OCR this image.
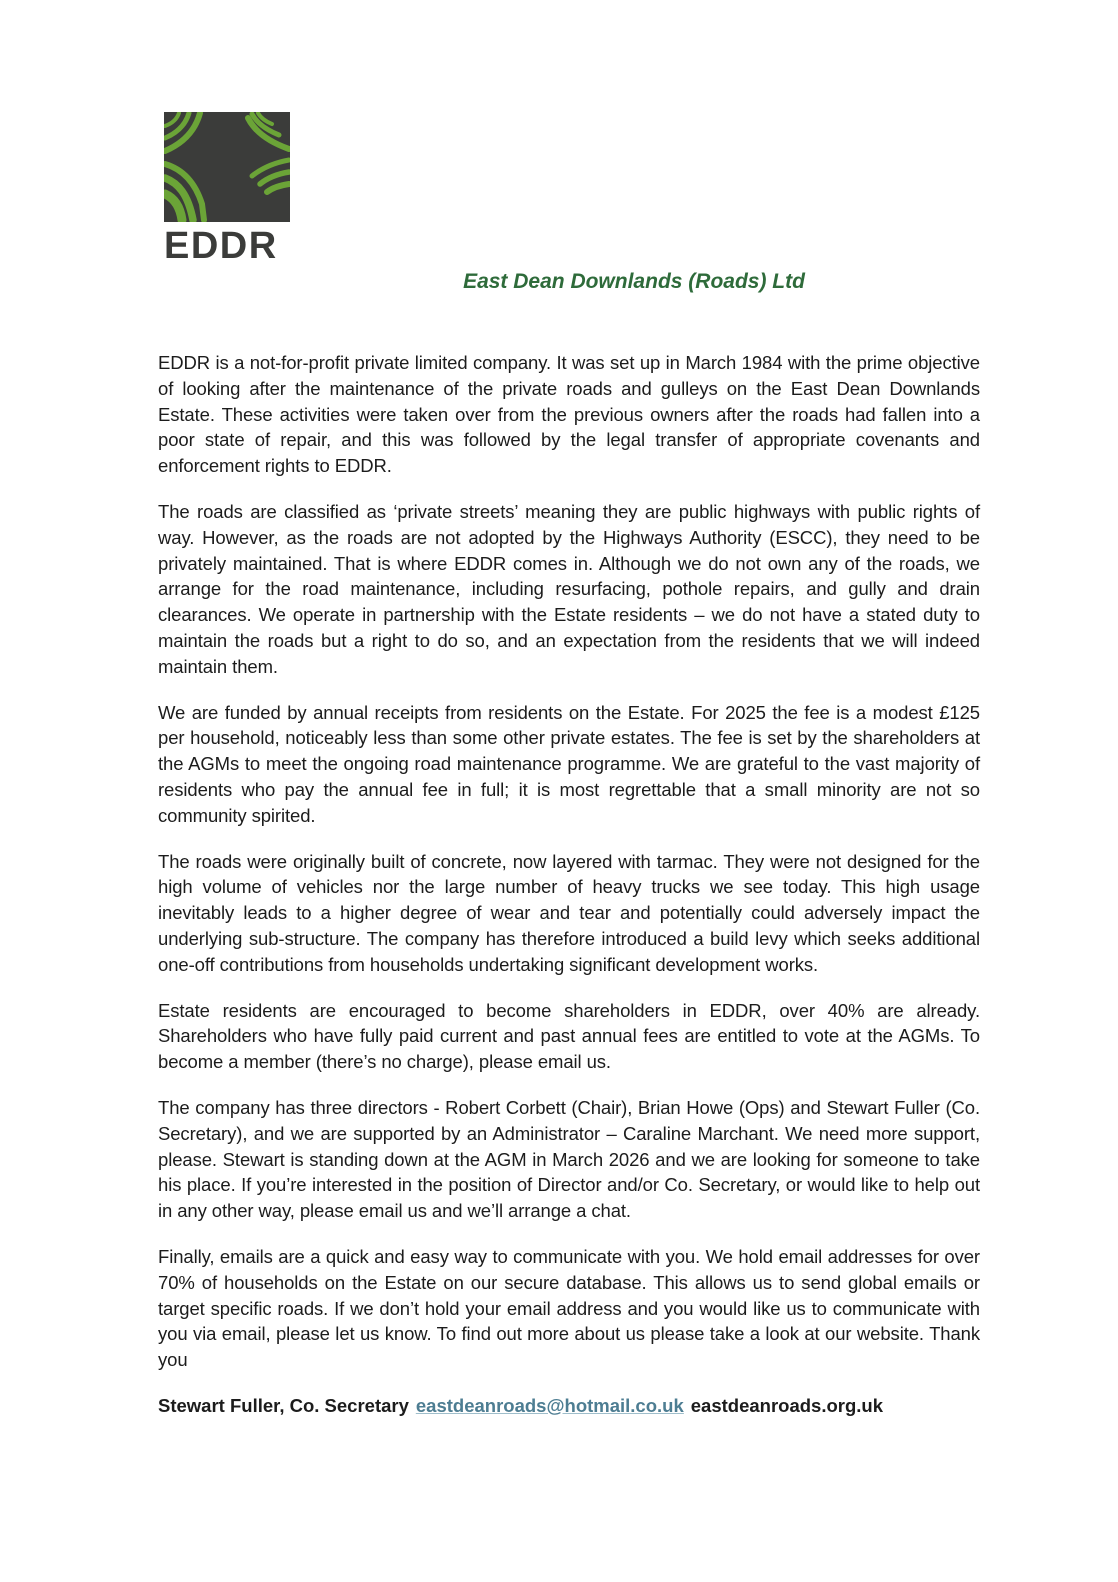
EDDR
East Dean Downlands (Roads) Ltd

EDDR is a not-for-profit private limited company. It was set up in March 1984 with the prime objective of looking after the maintenance of the private roads and gulleys on the East Dean Downlands Estate. These activities were taken over from the previous owners after the roads had fallen into a poor state of repair, and this was followed by the legal transfer of appropriate covenants and enforcement rights to EDDR.

The roads are classified as ‘private streets’ meaning they are public highways with public rights of way. However, as the roads are not adopted by the Highways Authority (ESCC), they need to be privately maintained. That is where EDDR comes in. Although we do not own any of the roads, we arrange for the road maintenance, including resurfacing, pothole repairs, and gully and drain clearances. We operate in partnership with the Estate residents – we do not have a stated duty to maintain the roads but a right to do so, and an expectation from the residents that we will indeed maintain them.

We are funded by annual receipts from residents on the Estate. For 2025 the fee is a modest £125 per household, noticeably less than some other private estates. The fee is set by the shareholders at the AGMs to meet the ongoing road maintenance programme. We are grateful to the vast majority of residents who pay the annual fee in full; it is most regrettable that a small minority are not so community spirited.

The roads were originally built of concrete, now layered with tarmac. They were not designed for the high volume of vehicles nor the large number of heavy trucks we see today. This high usage inevitably leads to a higher degree of wear and tear and potentially could adversely impact the underlying sub-structure. The company has therefore introduced a build levy which seeks additional one-off contributions from households undertaking significant development works.

Estate residents are encouraged to become shareholders in EDDR, over 40% are already. Shareholders who have fully paid current and past annual fees are entitled to vote at the AGMs. To become a member (there’s no charge), please email us.

The company has three directors - Robert Corbett (Chair), Brian Howe (Ops) and Stewart Fuller (Co. Secretary), and we are supported by an Administrator – Caraline Marchant. We need more support, please. Stewart is standing down at the AGM in March 2026 and we are looking for someone to take his place. If you’re interested in the position of Director and/or Co. Secretary, or would like to help out in any other way, please email us and we’ll arrange a chat.

Finally, emails are a quick and easy way to communicate with you. We hold email addresses for over 70% of households on the Estate on our secure database. This allows us to send global emails or target specific roads. If we don’t hold your email address and you would like us to communicate with you via email, please let us know. To find out more about us please take a look at our website. Thank you

Stewart Fuller, Co. Secretary eastdeanroads@hotmail.co.uk eastdeanroads.org.uk
